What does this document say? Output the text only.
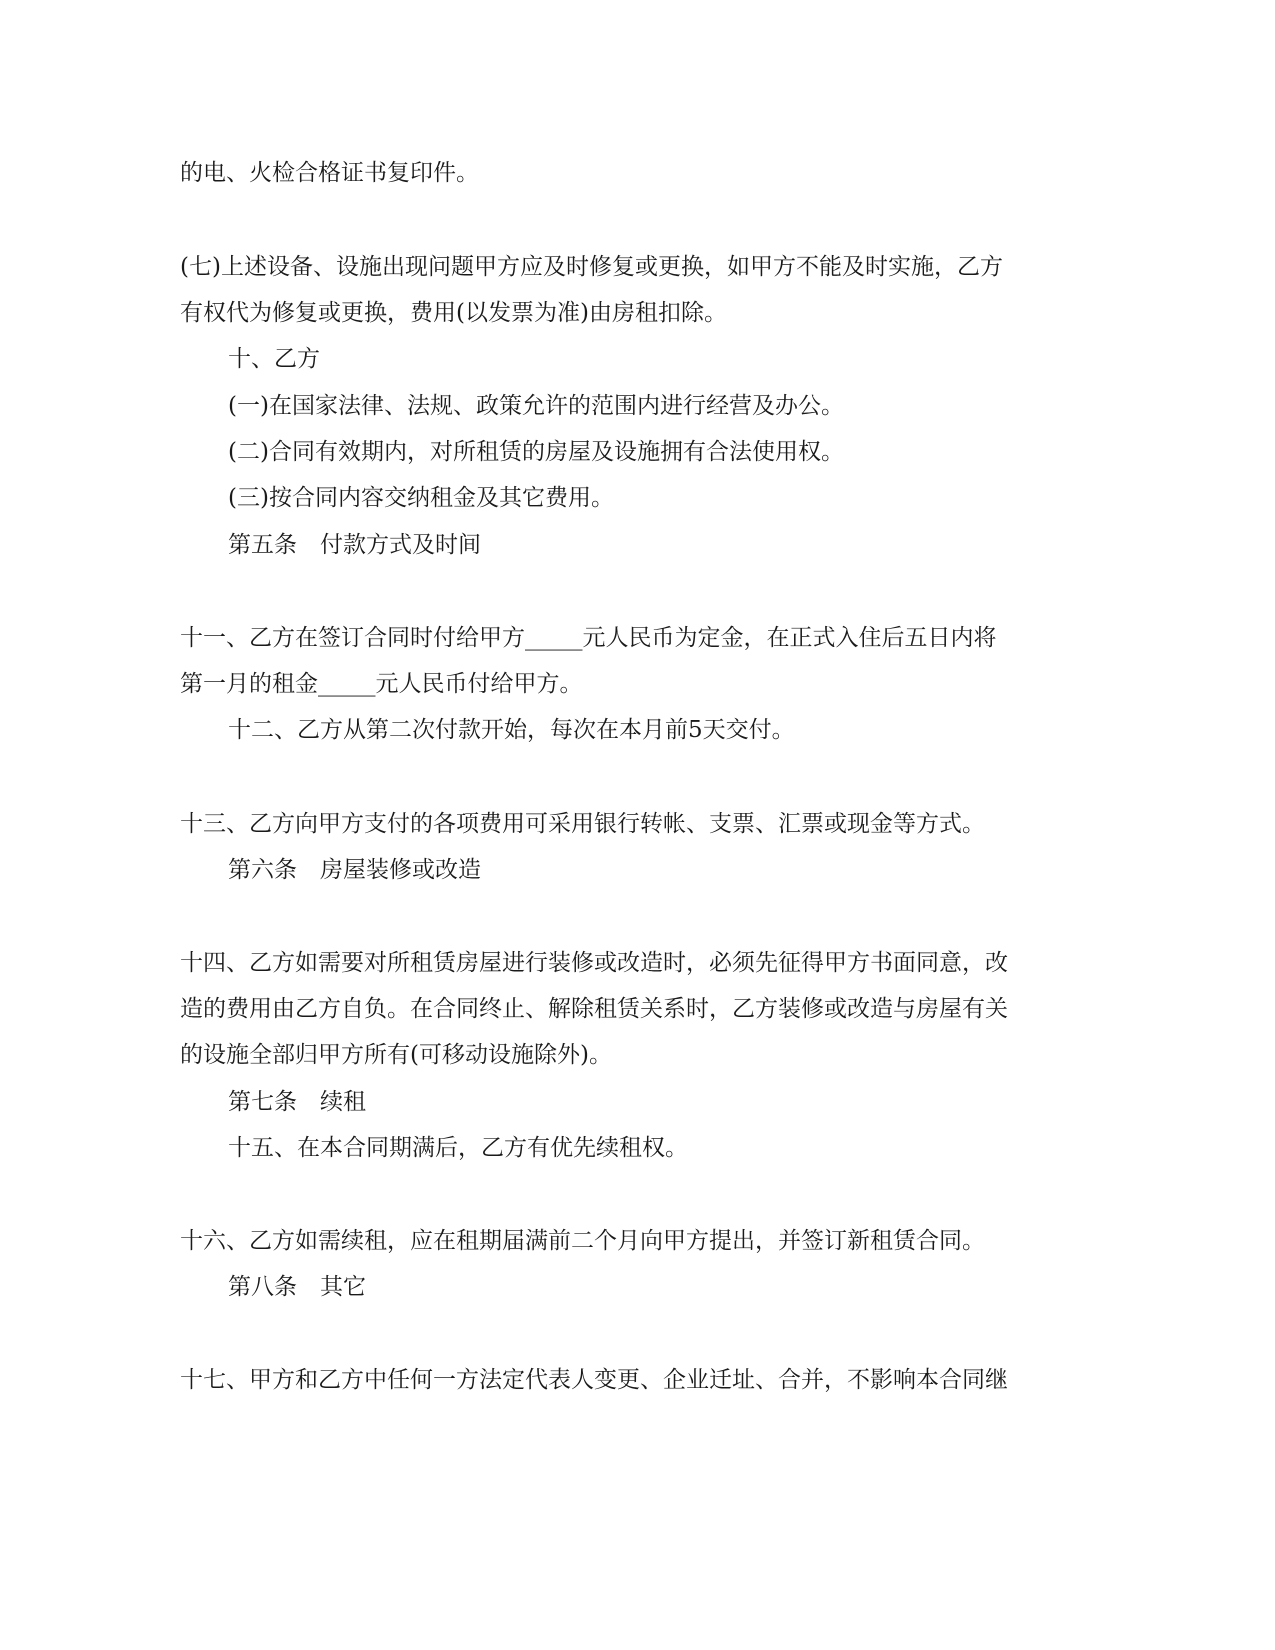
的电、火检合格证书复印件。
(七)上述设备、设施出现问题甲方应及时修复或更换，如甲方不能及时实施，乙方
有权代为修复或更换，费用(以发票为准)由房租扣除。
十、乙方
(一)在国家法律、法规、政策允许的范围内进行经营及办公。
(二)合同有效期内，对所租赁的房屋及设施拥有合法使用权。
(三)按合同内容交纳租金及其它费用。
第五条　付款方式及时间
十一、乙方在签订合同时付给甲方_____元人民币为定金，在正式入住后五日内将
第一月的租金_____元人民币付给甲方。
十二、乙方从第二次付款开始，每次在本月前5天交付。
十三、乙方向甲方支付的各项费用可采用银行转帐、支票、汇票或现金等方式。
第六条　房屋装修或改造
十四、乙方如需要对所租赁房屋进行装修或改造时，必须先征得甲方书面同意，改
造的费用由乙方自负。在合同终止、解除租赁关系时，乙方装修或改造与房屋有关
的设施全部归甲方所有(可移动设施除外)。
第七条　续租
十五、在本合同期满后，乙方有优先续租权。
十六、乙方如需续租，应在租期届满前二个月向甲方提出，并签订新租赁合同。
第八条　其它
十七、甲方和乙方中任何一方法定代表人变更、企业迁址、合并，不影响本合同继
